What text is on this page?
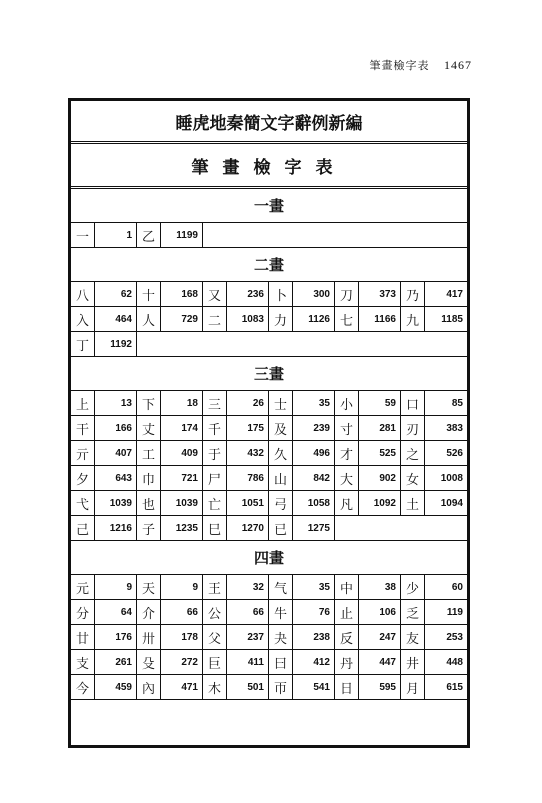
筆畫檢字表 1467
睡虎地秦簡文字辭例新編
筆畫檢字表
一畫
一	1 乙	1199
二畫
八	62 十	168 又	236 卜	300 刀	373 乃	417
入	464 人	729 二	1083 力	1126 七	1166 九	1185
丁	1192
三畫
上	13 下	18 三	26 士	35 小	59 口	85
干	166 丈	174 千	175 及	239 寸	281 刃	383
亓	407 工	409 于	432 久	496 才	525 之	526
夕	643 巾	721 尸	786 山	842 大	902 女	1008
弋	1039 也	1039 亡	1051 弓	1058 凡	1092 土	1094
己	1216 子	1235 巳	1270 已	1275
四畫
元	9 天	9 王	32 气	35 中	38 少	60
分	64 介	66 公	66 牛	76 止	106 乏	119
廿	176 卅	178 父	237 夬	238 反	247 友	253
支	261 殳	272 巨	411 曰	412 丹	447 井	448
今	459 內	471 木	501 帀	541 日	595 月	615
